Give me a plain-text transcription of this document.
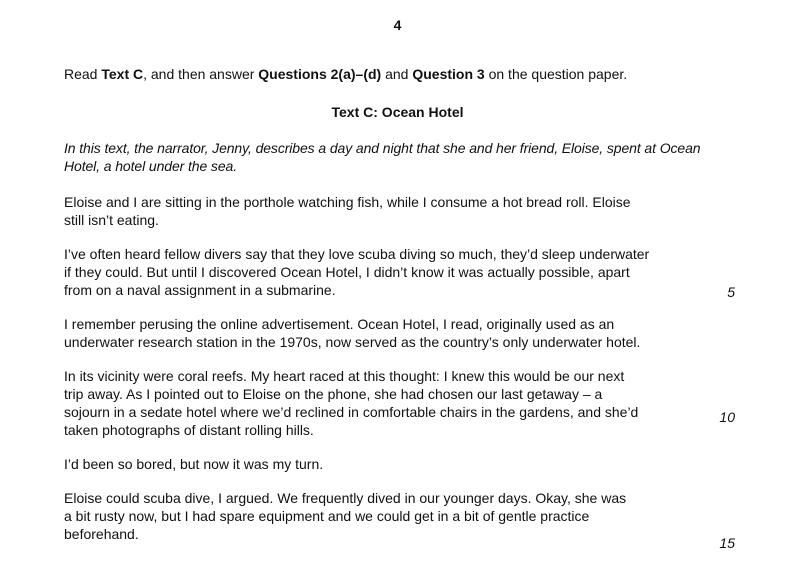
4
Read Text C, and then answer Questions 2(a)–(d) and Question 3 on the question paper.
Text C: Ocean Hotel
In this text, the narrator, Jenny, describes a day and night that she and her friend, Eloise, spent at Ocean Hotel, a hotel under the sea.
Eloise and I are sitting in the porthole watching fish, while I consume a hot bread roll. Eloise
still isn’t eating.
I’ve often heard fellow divers say that they love scuba diving so much, they’d sleep underwater
if they could. But until I discovered Ocean Hotel, I didn’t know it was actually possible, apart
from on a naval assignment in a submarine.
I remember perusing the online advertisement. Ocean Hotel, I read, originally used as an
underwater research station in the 1970s, now served as the country’s only underwater hotel.
In its vicinity were coral reefs. My heart raced at this thought: I knew this would be our next
trip away. As I pointed out to Eloise on the phone, she had chosen our last getaway – a
sojourn in a sedate hotel where we’d reclined in comfortable chairs in the gardens, and she’d
taken photographs of distant rolling hills.
I’d been so bored, but now it was my turn.
Eloise could scuba dive, I argued. We frequently dived in our younger days. Okay, she was
a bit rusty now, but I had spare equipment and we could get in a bit of gentle practice
beforehand.
5
10
15
